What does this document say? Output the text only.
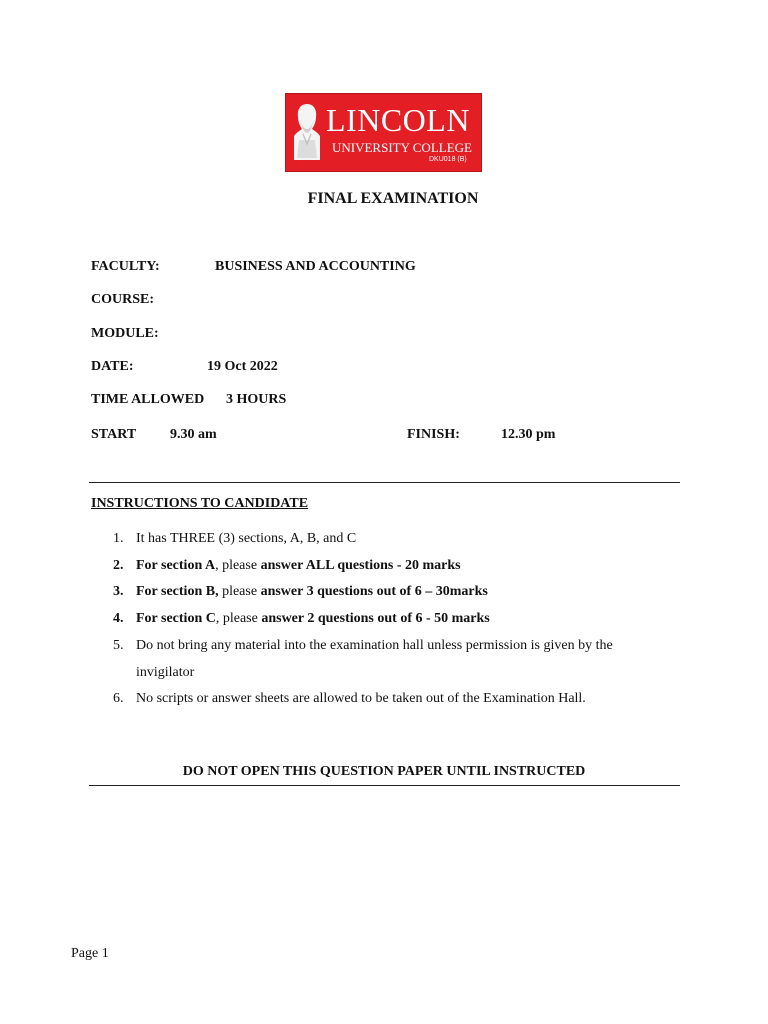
LINCOLN
UNIVERSITY COLLEGE
DKU018 (B)
FINAL EXAMINATION
FACULTY:	BUSINESS AND ACCOUNTING
COURSE:
MODULE:
DATE:	19 Oct 2022
TIME ALLOWED 3 HOURS
START 9.30 am	FINISH:	12.30 pm
INSTRUCTIONS TO CANDIDATE
1. It has THREE (3) sections, A, B, and C
2. For section A, please answer ALL questions - 20 marks
3. For section B, please answer 3 questions out of 6 – 30marks
4. For section C, please answer 2 questions out of 6 - 50 marks
5. Do not bring any material into the examination hall unless permission is given by the
invigilator
6. No scripts or answer sheets are allowed to be taken out of the Examination Hall.
DO NOT OPEN THIS QUESTION PAPER UNTIL INSTRUCTED
Page 1
